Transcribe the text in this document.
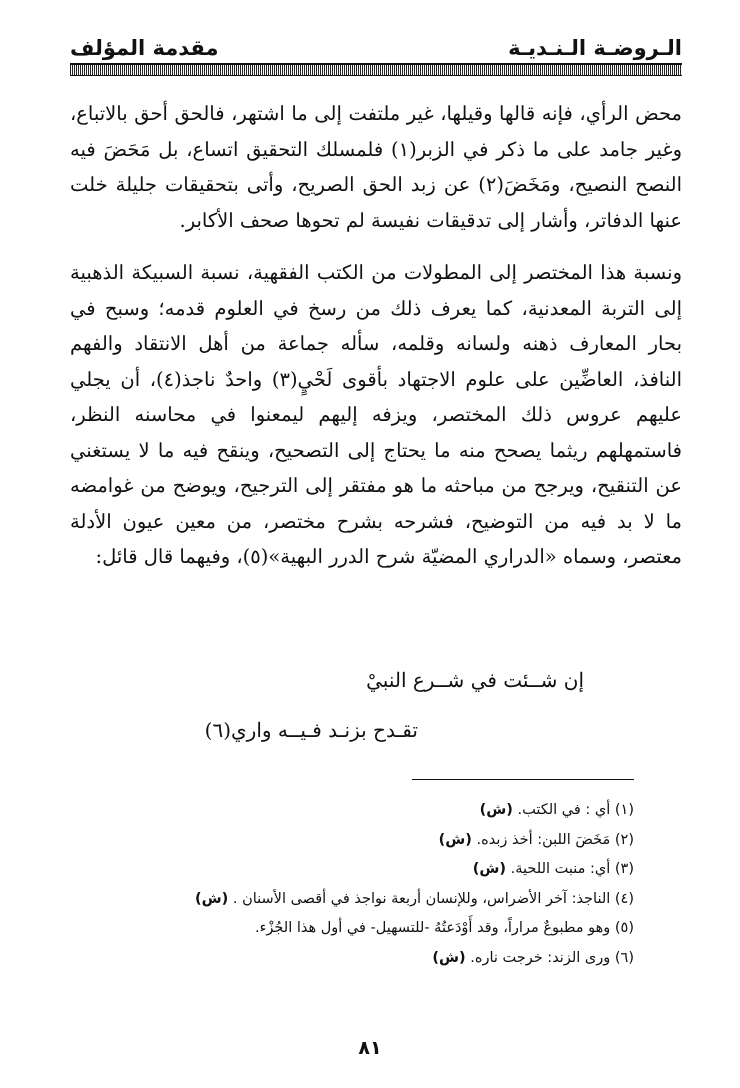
الـروضـة الـنـديـة
مقدمة المؤلف

محض الرأي، فإنه قالها وقيلها، غير ملتفت إلى ما اشتهر، فالحق أحق بالاتباع، وغير جامد على ما ذكر في الزبر(١) فلمسلك التحقيق اتساع، بل مَحَضَ فيه النصح النصيح، ومَخَضَ(٢) عن زبد الحق الصريح، وأتى بتحقيقات جليلة خلت عنها الدفاتر، وأشار إلى تدقيقات نفيسة لم تحوها صحف الأكابر.

ونسبة هذا المختصر إلى المطولات من الكتب الفقهية، نسبة السبيكة الذهبية إلى التربة المعدنية، كما يعرف ذلك من رسخ في العلوم قدمه؛ وسبح في بحار المعارف ذهنه ولسانه وقلمه، سأله جماعة من أهل الانتقاد والفهم النافذ، العاضِّين على علوم الاجتهاد بأقوى لَحْيٍ(٣) واحدٌ ناجذ(٤)، أن يجلي عليهم عروس ذلك المختصر، ويزفه إليهم ليمعنوا في محاسنه النظر، فاستمهلهم ريثما يصحح منه ما يحتاج إلى التصحيح، وينقح فيه ما لا يستغني عن التنقيح، ويرجح من مباحثه ما هو مفتقر إلى الترجيح، ويوضح من غوامضه ما لا بد فيه من التوضيح، فشرحه بشرح مختصر، من معين عيون الأدلة معتصر، وسماه «الدراري المضيّة شرح الدرر البهية»(٥)، وفيهما قال قائل:

إن شــئت في شــرع النبيْ
تقـدح بزنـد فـيــه واري(٦)
(١) أي : في الكتب. (ش)
(٢) مَخَضَ اللبن: أخذ زبده. (ش)
(٣) أي: منبت اللحية. (ش)
(٤) الناجذ: آخر الأضراس، وللإنسان أربعة نواجذ في أقصى الأسنان . (ش)
(٥) وهو مطبوعٌ مراراً، وقد أَوْدَعتُهُ -للتسهيل- في أول هذا الجُزْء.
(٦) ورى الزند: خرجت ناره. (ش)
٨١
